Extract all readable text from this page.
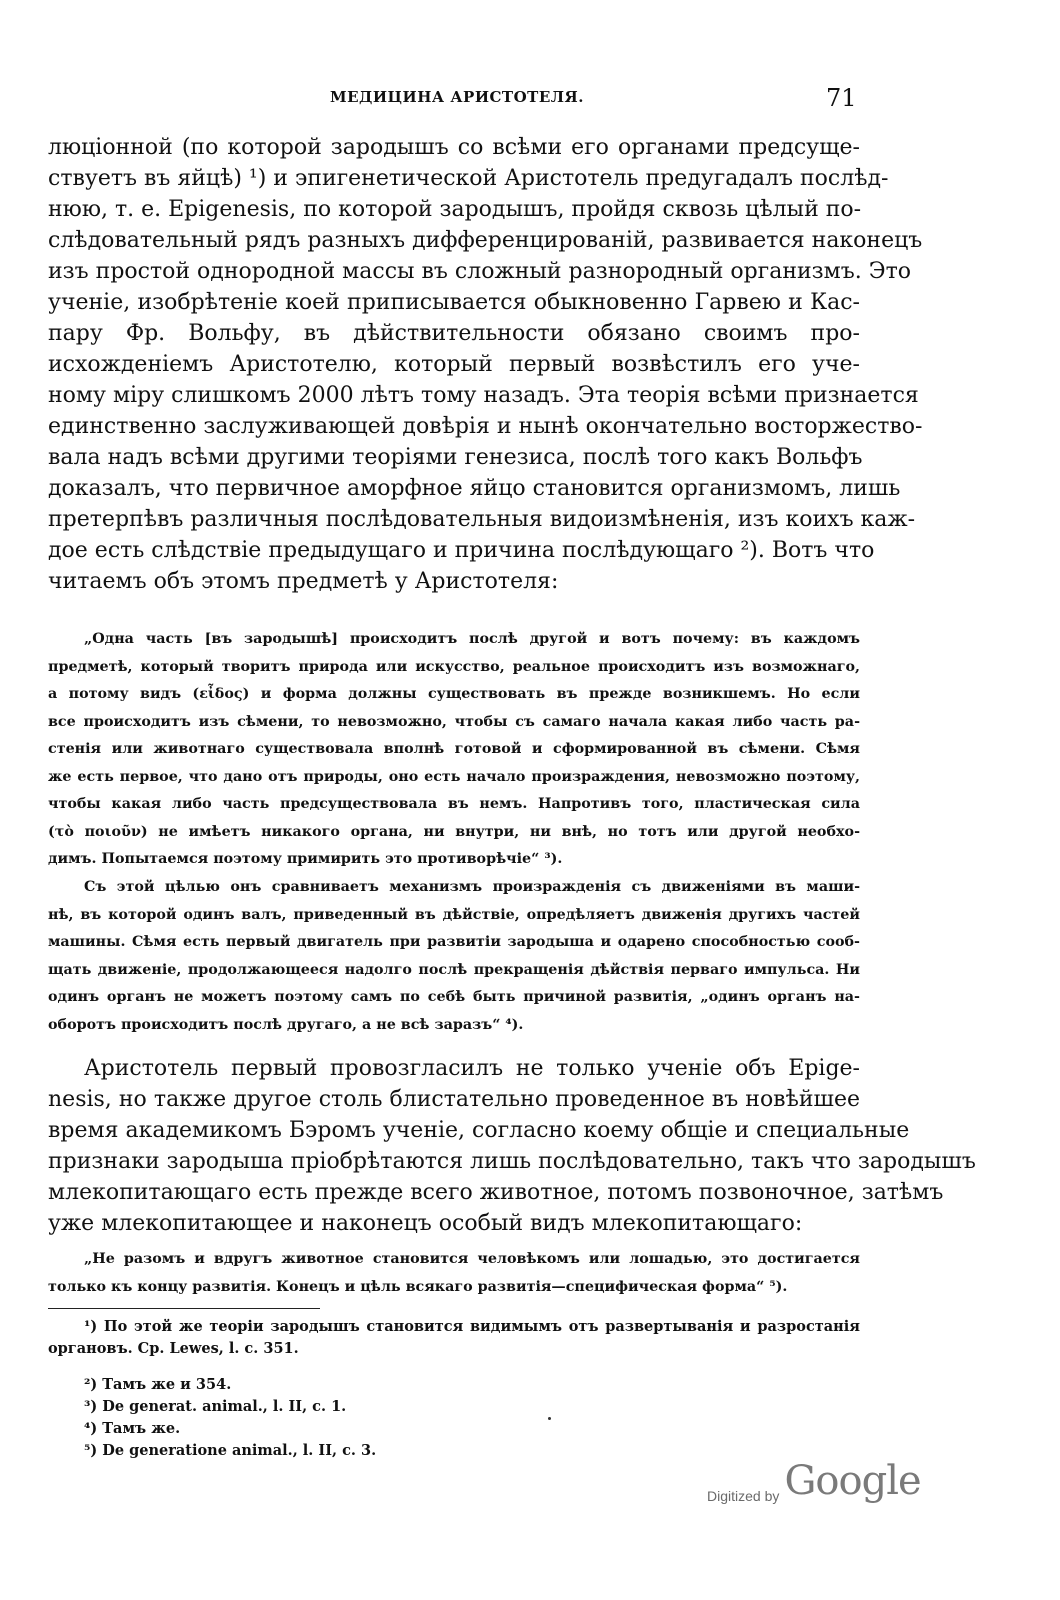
МЕДИЦИНА АРИСТОТЕЛЯ.	71
люціонной (по которой зародышъ со всѣми его органами предсуще-
ствуетъ въ яйцѣ) ¹) и эпигенетической Аристотель предугадалъ послѣд-
нюю, т. е. Epigenesis, по которой зародышъ, пройдя сквозь цѣлый по-
слѣдовательный рядъ разныхъ дифференцированій, развивается наконецъ
изъ простой однородной массы въ сложный разнородный организмъ. Это
ученіе, изобрѣтеніе коей приписывается обыкновенно Гарвею и Кас-
пару Фр. Вольфу, въ дѣйствительности обязано своимъ про-
исхожденіемъ Аристотелю, который первый возвѣстилъ его уче-
ному міру слишкомъ 2000 лѣтъ тому назадъ. Эта теорія всѣми признается
единственно заслуживающей довѣрія и нынѣ окончательно восторжество-
вала надъ всѣми другими теоріями генезиса, послѣ того какъ Вольфъ
доказалъ, что первичное аморфное яйцо становится организмомъ, лишь
претерпѣвъ различныя послѣдовательныя видоизмѣненія, изъ коихъ каж-
дое есть слѣдствіе предыдущаго и причина послѣдующаго ²). Вотъ что
читаемъ объ этомъ предметѣ у Аристотеля:
„Одна часть [въ зародышѣ] происходитъ послѣ другой и вотъ почему: въ каждомъ
предметѣ, который творитъ природа или искусство, реальное происходитъ изъ возможнаго,
а потому видъ (εἶδος) и форма должны существовать въ прежде возникшемъ. Но если
все происходитъ изъ сѣмени, то невозможно, чтобы съ самаго начала какая либо часть ра-
стенія или животнаго существовала вполнѣ готовой и сформированной въ сѣмени. Сѣмя
же есть первое, что дано отъ природы, оно есть начало произраждения, невозможно поэтому,
чтобы какая либо часть предсуществовала въ немъ. Напротивъ того, пластическая сила
(τὸ ποιοῦν) не имѣетъ никакого органа, ни внутри, ни внѣ, но тотъ или другой необхо-
димъ. Попытаемся поэтому примирить это противорѣчіе“ ³).
Съ этой цѣлью онъ сравниваетъ механизмъ произражденія съ движеніями въ маши-
нѣ, въ которой одинъ валъ, приведенный въ дѣйствіе, опредѣляетъ движенія другихъ частей
машины. Сѣмя есть первый двигатель при развитіи зародыша и одарено способностью сооб-
щать движеніе, продолжающееся надолго послѣ прекращенія дѣйствія перваго импульса. Ни
одинъ органъ не можетъ поэтому самъ по себѣ быть причиной развитія, „одинъ органъ на-
оборотъ происходитъ послѣ другаго, а не всѣ заразъ“ ⁴).
Аристотель первый провозгласилъ не только ученіе объ Epige-
nesis, но также другое столь блистательно проведенное въ новѣйшее
время академикомъ Бэромъ ученіе, согласно коему общіе и специальные
признаки зародыша пріобрѣтаются лишь послѣдовательно, такъ что зародышъ
млекопитающаго есть прежде всего животное, потомъ позвоночное, затѣмъ
уже млекопитающее и наконецъ особый видъ млекопитающаго:
„Не разомъ и вдругъ животное становится человѣкомъ или лошадью, это достигается
только къ концу развитія. Конецъ и цѣль всякаго развитія—специфическая форма“ ⁵).
¹) По этой же теоріи зародышъ становится видимымъ отъ развертыванія и разростанія
органовъ. Ср. Lewes, l. c. 351.
²) Тамъ же и 354.
³) De generat. animal., l. II, c. 1.
⁴) Тамъ же.
⁵) De generatione animal., l. II, c. 3.
Digitized by Google
